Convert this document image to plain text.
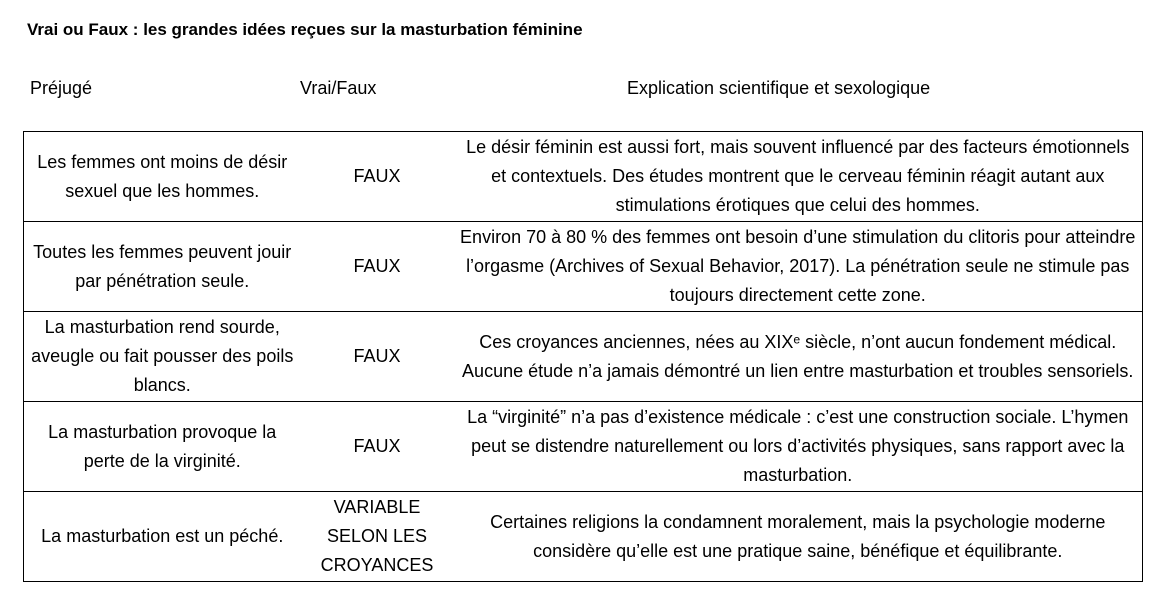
Vrai ou Faux : les grandes idées reçues sur la masturbation féminine
Préjugé	Vrai/Faux	Explication scientifique et sexologique
Les femmes ont moins de désir sexuel que les hommes.	FAUX	Le désir féminin est aussi fort, mais souvent influencé par des facteurs émotionnels et contextuels. Des études montrent que le cerveau féminin réagit autant aux stimulations érotiques que celui des hommes.
Toutes les femmes peuvent jouir par pénétration seule.	FAUX	Environ 70 à 80 % des femmes ont besoin d’une stimulation du clitoris pour atteindre l’orgasme (Archives of Sexual Behavior, 2017). La pénétration seule ne stimule pas toujours directement cette zone.
La masturbation rend sourde, aveugle ou fait pousser des poils blancs.	FAUX	Ces croyances anciennes, nées au XIXᵉ siècle, n’ont aucun fondement médical. Aucune étude n’a jamais démontré un lien entre masturbation et troubles sensoriels.
La masturbation provoque la perte de la virginité.	FAUX	La “virginité” n’a pas d’existence médicale : c’est une construction sociale. L’hymen peut se distendre naturellement ou lors d’activités physiques, sans rapport avec la masturbation.
La masturbation est un péché.	VARIABLE SELON LES CROYANCES	Certaines religions la condamnent moralement, mais la psychologie moderne considère qu’elle est une pratique saine, bénéfique et équilibrante.
